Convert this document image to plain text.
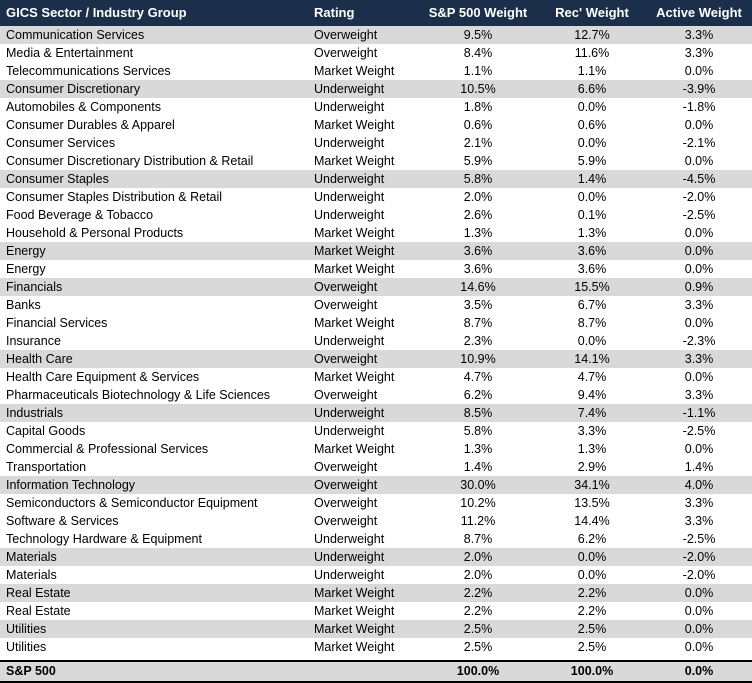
GICS Sector / Industry Group	Rating	S&P 500 Weight	Rec' Weight	Active Weight
Communication Services	Overweight	9.5%	12.7%	3.3%
Media & Entertainment	Overweight	8.4%	11.6%	3.3%
Telecommunications Services	Market Weight	1.1%	1.1%	0.0%
Consumer Discretionary	Underweight	10.5%	6.6%	-3.9%
Automobiles & Components	Underweight	1.8%	0.0%	-1.8%
Consumer Durables & Apparel	Market Weight	0.6%	0.6%	0.0%
Consumer Services	Underweight	2.1%	0.0%	-2.1%
Consumer Discretionary Distribution & Retail	Market Weight	5.9%	5.9%	0.0%
Consumer Staples	Underweight	5.8%	1.4%	-4.5%
Consumer Staples Distribution & Retail	Underweight	2.0%	0.0%	-2.0%
Food Beverage & Tobacco	Underweight	2.6%	0.1%	-2.5%
Household & Personal Products	Market Weight	1.3%	1.3%	0.0%
Energy	Market Weight	3.6%	3.6%	0.0%
Energy	Market Weight	3.6%	3.6%	0.0%
Financials	Overweight	14.6%	15.5%	0.9%
Banks	Overweight	3.5%	6.7%	3.3%
Financial Services	Market Weight	8.7%	8.7%	0.0%
Insurance	Underweight	2.3%	0.0%	-2.3%
Health Care	Overweight	10.9%	14.1%	3.3%
Health Care Equipment & Services	Market Weight	4.7%	4.7%	0.0%
Pharmaceuticals Biotechnology & Life Sciences	Overweight	6.2%	9.4%	3.3%
Industrials	Underweight	8.5%	7.4%	-1.1%
Capital Goods	Underweight	5.8%	3.3%	-2.5%
Commercial & Professional Services	Market Weight	1.3%	1.3%	0.0%
Transportation	Overweight	1.4%	2.9%	1.4%
Information Technology	Overweight	30.0%	34.1%	4.0%
Semiconductors & Semiconductor Equipment	Overweight	10.2%	13.5%	3.3%
Software & Services	Overweight	11.2%	14.4%	3.3%
Technology Hardware & Equipment	Underweight	8.7%	6.2%	-2.5%
Materials	Underweight	2.0%	0.0%	-2.0%
Materials	Underweight	2.0%	0.0%	-2.0%
Real Estate	Market Weight	2.2%	2.2%	0.0%
Real Estate	Market Weight	2.2%	2.2%	0.0%
Utilities	Market Weight	2.5%	2.5%	0.0%
Utilities	Market Weight	2.5%	2.5%	0.0%

S&P 500		100.0%	100.0%	0.0%
